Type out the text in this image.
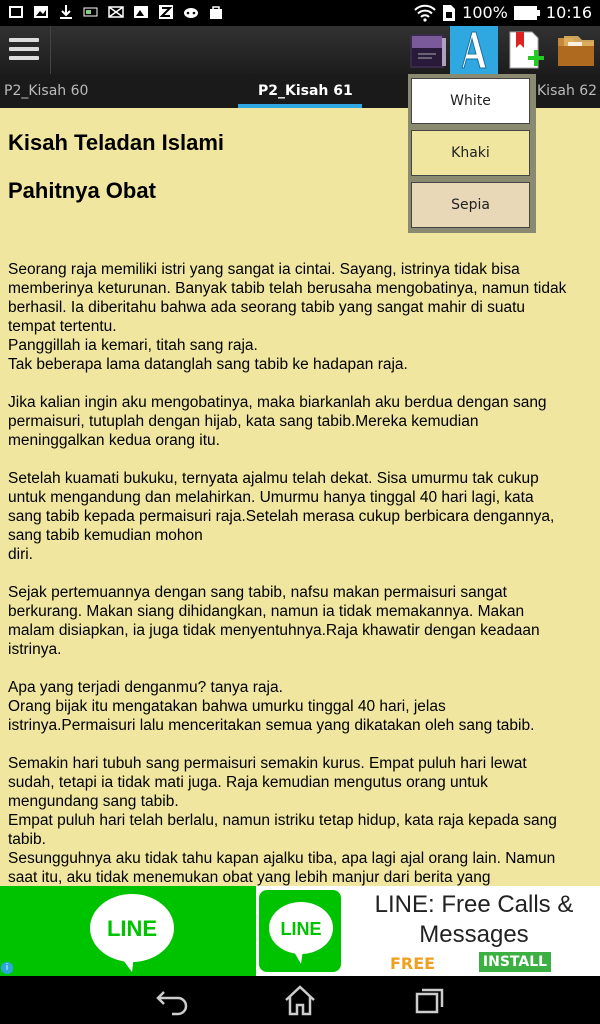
100% 10:16
P2_Kisah 60	P2_Kisah 61	Kisah 62
Kisah Teladan Islami
Pahitnya Obat
Seorang raja memiliki istri yang sangat ia cintai. Sayang, istrinya tidak bisa
memberinya keturunan. Banyak tabib telah berusaha mengobatinya, namun tidak
berhasil. Ia diberitahu bahwa ada seorang tabib yang sangat mahir di suatu
tempat tertentu.
Panggillah ia kemari, titah sang raja.
Tak beberapa lama datanglah sang tabib ke hadapan raja.

Jika kalian ingin aku mengobatinya, maka biarkanlah aku berdua dengan sang
permaisuri, tutuplah dengan hijab, kata sang tabib.Mereka kemudian
meninggalkan kedua orang itu.

Setelah kuamati bukuku, ternyata ajalmu telah dekat. Sisa umurmu tak cukup
untuk mengandung dan melahirkan. Umurmu hanya tinggal 40 hari lagi, kata
sang tabib kepada permaisuri raja.Setelah merasa cukup berbicara dengannya,
sang tabib kemudian mohon
diri.

Sejak pertemuannya dengan sang tabib, nafsu makan permaisuri sangat
berkurang. Makan siang dihidangkan, namun ia tidak memakannya. Makan
malam disiapkan, ia juga tidak menyentuhnya.Raja khawatir dengan keadaan
istrinya.

Apa yang terjadi denganmu? tanya raja.
Orang bijak itu mengatakan bahwa umurku tinggal 40 hari, jelas
istrinya.Permaisuri lalu menceritakan semua yang dikatakan oleh sang tabib.

Semakin hari tubuh sang permaisuri semakin kurus. Empat puluh hari lewat
sudah, tetapi ia tidak mati juga. Raja kemudian mengutus orang untuk
mengundang sang tabib.
Empat puluh hari telah berlalu, namun istriku tetap hidup, kata raja kepada sang
tabib.
Sesungguhnya aku tidak tahu kapan ajalku tiba, apa lagi ajal orang lain. Namun
saat itu, aku tidak menemukan obat yang lebih manjur dari berita yang
White
Khaki
Sepia
LINE	LINE
LINE: Free Calls & Messages
FREE	INSTALL
i
